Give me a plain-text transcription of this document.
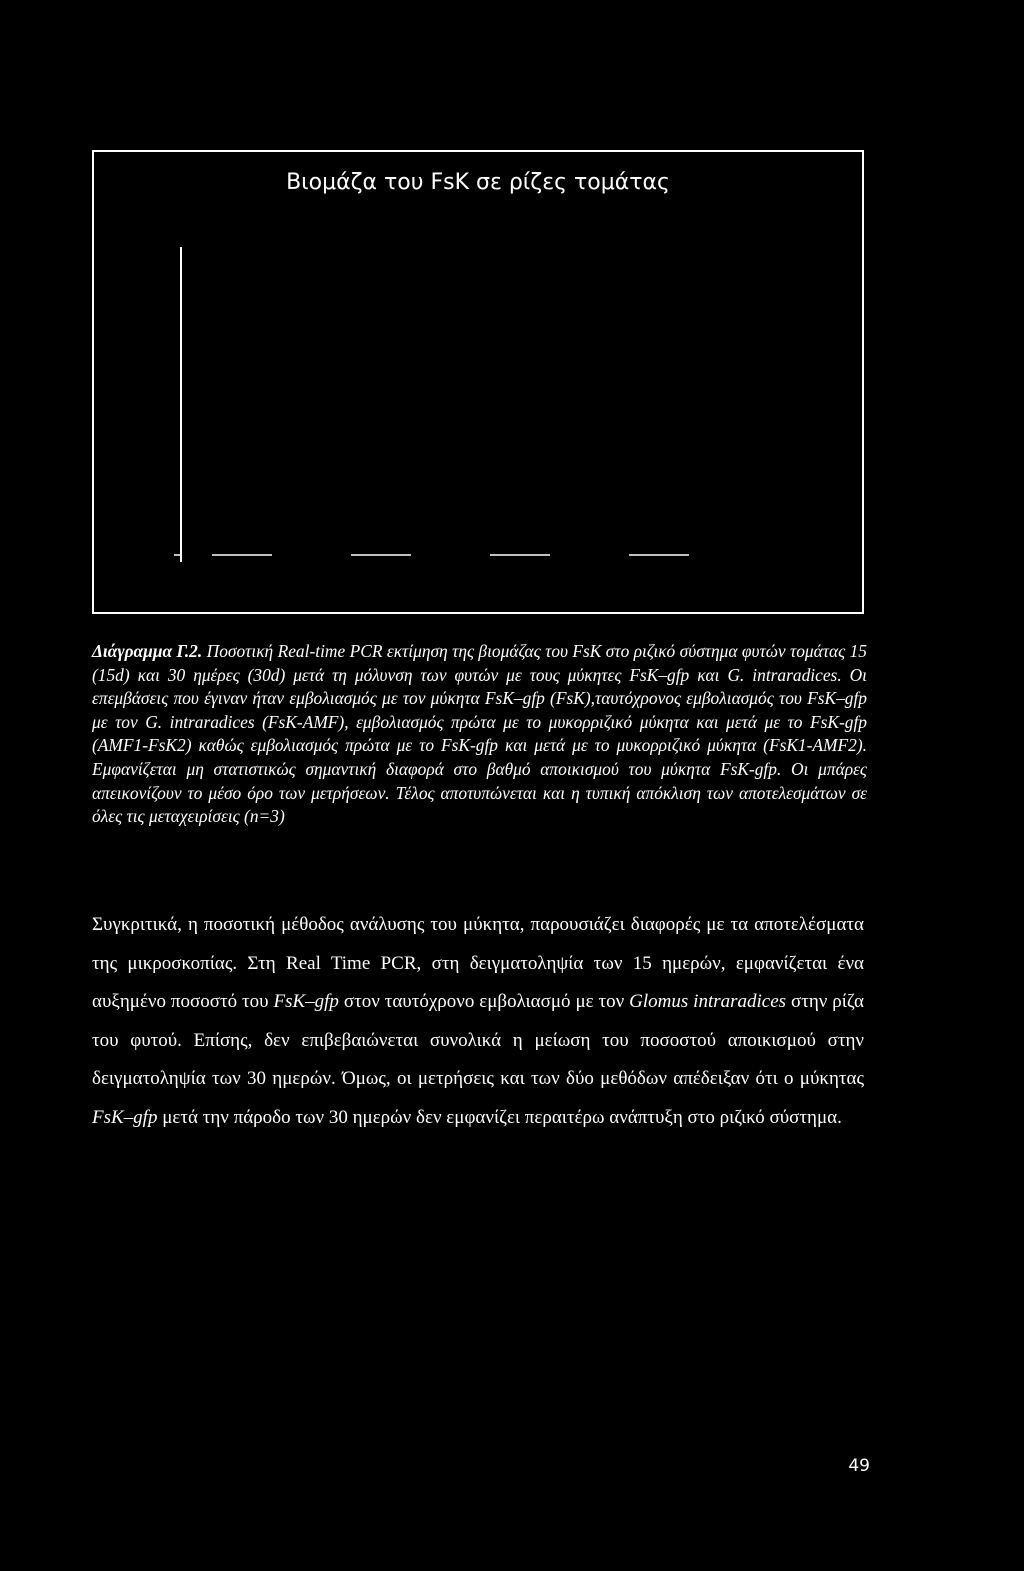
Βιομάζα του FsK σε ρίζες τομάτας
Διάγραμμα Γ.2. Ποσοτική Real-time PCR εκτίμηση της βιομάζας του FsK στο ριζικό σύστημα φυτών τομάτας 15 (15d) και 30 ημέρες (30d) μετά τη μόλυνση των φυτών με τους μύκητες FsK–gfp και G. intraradices. Οι επεμβάσεις που έγιναν ήταν εμβολιασμός με τον μύκητα FsK–gfp (FsK),ταυτόχρονος εμβολιασμός του FsK–gfp με τον G. intraradices (FsK-AMF), εμβολιασμός πρώτα με το μυκορριζικό μύκητα και μετά με το FsK-gfp (AMF1-FsK2) καθώς εμβολιασμός πρώτα με το FsK-gfp και μετά με το μυκορριζικό μύκητα (FsK1-AMF2). Εμφανίζεται μη στατιστικώς σημαντική διαφορά στο βαθμό αποικισμού του μύκητα FsK-gfp. Οι μπάρες απεικονίζουν το μέσο όρο των μετρήσεων. Τέλος αποτυπώνεται και η τυπική απόκλιση των αποτελεσμάτων σε όλες τις μεταχειρίσεις (n=3)
Συγκριτικά, η ποσοτική μέθοδος ανάλυσης του μύκητα, παρουσιάζει διαφορές με τα αποτελέσματα της μικροσκοπίας. Στη Real Time PCR, στη δειγματοληψία των 15 ημερών, εμφανίζεται ένα αυξημένο ποσοστό του FsK–gfp στον ταυτόχρονο εμβολιασμό με τον Glomus intraradices στην ρίζα του φυτού. Επίσης, δεν επιβεβαιώνεται συνολικά η μείωση του ποσοστού αποικισμού στην δειγματοληψία των 30 ημερών. Όμως, οι μετρήσεις και των δύο μεθόδων απέδειξαν ότι ο μύκητας FsK–gfp μετά την πάροδο των 30 ημερών δεν εμφανίζει περαιτέρω ανάπτυξη στο ριζικό σύστημα.
49
